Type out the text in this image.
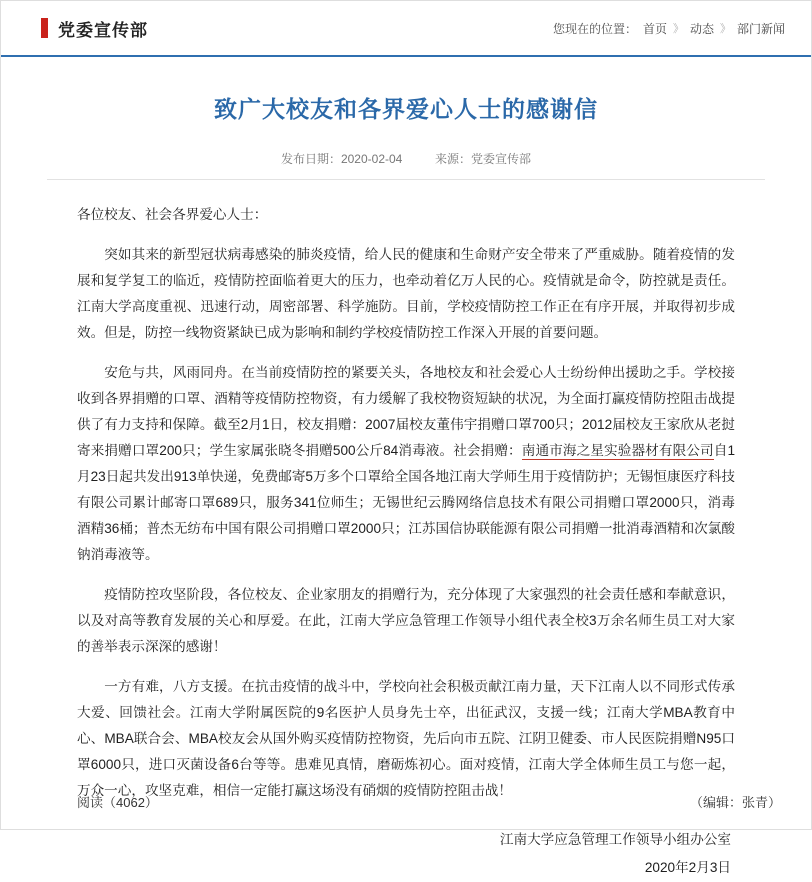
党委宣传部	您现在的位置： 首页 》 动态 》 部门新闻
致广大校友和各界爱心人士的感谢信
发布日期：2020-02-04	来源：党委宣传部

各位校友、社会各界爱心人士：

突如其来的新型冠状病毒感染的肺炎疫情，给人民的健康和生命财产安全带来了严重威胁。随着疫情的发展和复学复工的临近，疫情防控面临着更大的压力，也牵动着亿万人民的心。疫情就是命令，防控就是责任。江南大学高度重视、迅速行动，周密部署、科学施防。目前，学校疫情防控工作正在有序开展，并取得初步成效。但是，防控一线物资紧缺已成为影响和制约学校疫情防控工作深入开展的首要问题。

安危与共，风雨同舟。在当前疫情防控的紧要关头，各地校友和社会爱心人士纷纷伸出援助之手。学校接收到各界捐赠的口罩、酒精等疫情防控物资，有力缓解了我校物资短缺的状况，为全面打赢疫情防控阻击战提供了有力支持和保障。截至2月1日，校友捐赠：2007届校友董伟宇捐赠口罩700只；2012届校友王家欣从老挝寄来捐赠口罩200只；学生家属张晓冬捐赠500公斤84消毒液。社会捐赠：南通市海之星实验器材有限公司自1月23日起共发出913单快递，免费邮寄5万多个口罩给全国各地江南大学师生用于疫情防护；无锡恒康医疗科技有限公司累计邮寄口罩689只，服务341位师生；无锡世纪云腾网络信息技术有限公司捐赠口罩2000只，消毒酒精36桶；普杰无纺布中国有限公司捐赠口罩2000只；江苏国信协联能源有限公司捐赠一批消毒酒精和次氯酸钠消毒液等。

疫情防控攻坚阶段，各位校友、企业家朋友的捐赠行为，充分体现了大家强烈的社会责任感和奉献意识，以及对高等教育发展的关心和厚爱。在此，江南大学应急管理工作领导小组代表全校3万余名师生员工对大家的善举表示深深的感谢！

一方有难，八方支援。在抗击疫情的战斗中，学校向社会积极贡献江南力量，天下江南人以不同形式传承大爱、回馈社会。江南大学附属医院的9名医护人员身先士卒，出征武汉，支援一线；江南大学MBA教育中心、MBA联合会、MBA校友会从国外购买疫情防控物资，先后向市五院、江阴卫健委、市人民医院捐赠N95口罩6000只，进口灭菌设备6台等等。患难见真情，磨砺炼初心。面对疫情，江南大学全体师生员工与您一起，万众一心，攻坚克难，相信一定能打赢这场没有硝烟的疫情防控阻击战！

江南大学应急管理工作领导小组办公室
2020年2月3日
阅读（4062）	（编辑：张青）
